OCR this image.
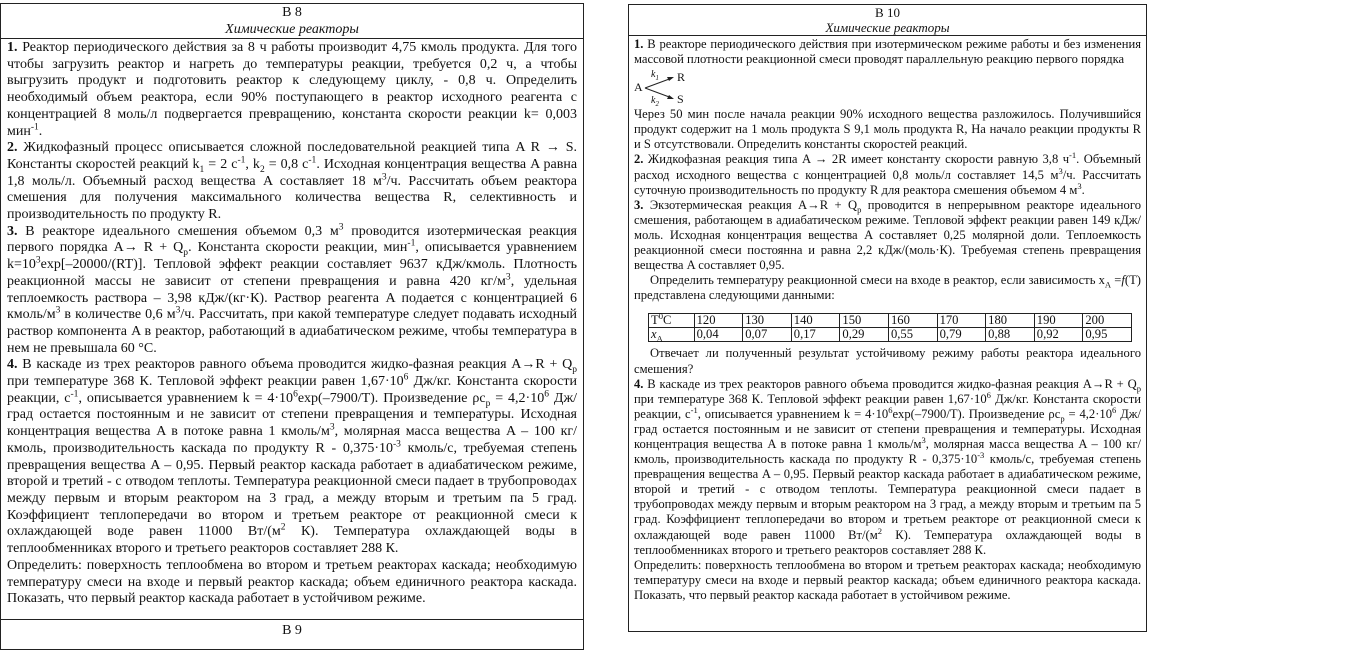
В 8
Химические реакторы

1. Реактор периодического действия за 8 ч работы производит 4,75 кмоль продукта. Для того чтобы загрузить реактор и нагреть до температуры реакции, требуется 0,2 ч, а чтобы выгрузить продукт и подготовить реактор к следующему циклу, - 0,8 ч. Определить необходимый объем реактора, если 90% поступающего в реактор исходного реагента с концентрацией 8 моль/л подвергается превращению, константа скорости реакции k= 0,003 мин$^{-1}$.

2. Жидкофазный процесс описывается сложной последовательной реакцией типа A R → S. Константы скоростей реакций $k_1 = 2$ $с^{-1}$, $k_2 = 0,8$ $с^{-1}$. Исходная концентрация вещества A равна 1,8 моль/л. Объемный расход вещества A составляет 18 $м^3/ч$. Рассчитать объем реактора смешения для получения максимального количества вещества R, селективность и производительность по продукту R.

3. В реакторе идеального смешения объемом 0,3 $м^3$ проводится изотермическая реакция первого порядка $A\to R + Q_p$. Константа скорости реакции, мин$^{-1}$, описывается уравнением $k=10^3\exp[-20000/(RT)]$. Тепловой эффект реакции составляет 9637 кДж/кмоль. Плотность реакционной массы не зависит от степени превращения и равна 420 $кг/м^3$, удельная теплоемкость раствора – 3,98 кДж/(кг·К). Раствор реагента A подается с концентрацией 6 кмоль/$м^3$ в количестве 0,6 $м^3/ч$. Рассчитать, при какой температуре следует подавать исходный раствор компонента A в реактор, работающий в адиабатическом режиме, чтобы температура в нем не превышала 60 °C.

4. В каскаде из трех реакторов равного объема проводится жидко-фазная реакция $A\to R + Q_p$ при температуре 368 К. Тепловой эффект реакции равен $1,67\cdot 10^6$ Дж/кг. Константа скорости реакции, $с^{-1}$, описывается уравнением $k = 4\cdot 10^6\exp(-7900/T)$. Произведение $\rho c_p = 4,2\cdot 10^6$ Дж/град остается постоянным и не зависит от степени превращения и температуры. Исходная концентрация вещества A в потоке равна 1 кмоль/$м^3$, молярная масса вещества A – 100 кг/кмоль, производительность каскада по продукту $R - 0,375\cdot 10^{-3}$ кмоль/с, требуемая степень превращения вещества A – 0,95. Первый реактор каскада работает в адиабатическом режиме, второй и третий - с отводом теплоты. Температура реакционной смеси падает в трубопроводах между первым и вторым реактором на 3 град, а между вторым и третьим па 5 град. Коэффициент теплопередачи во втором и третьем реакторе от реакционной смеси к охлаждающей воде равен 11000 $Вт/(м^2$ К). Температура охлаждающей воды в теплообменниках второго и третьего реакторов составляет 288 К.

Определить: поверхность теплообмена во втором и третьем реакторах каскада; необходимую температуру смеси на входе и первый реактор каскада; объем единичного реактора каскада. Показать, что первый реактор каскада работает в устойчивом режиме.

В 9
В 10
Химические реакторы

1. В реакторе периодического действия при изотермическом режиме работы и без изменения массовой плотности реакционной смеси проводят параллельную реакцию первого порядка

A
$k_1$ R
$k_2$ S

Через 50 мин после начала реакции 90% исходного вещества разложилось. Получившийся продукт содержит на 1 моль продукта S 9,1 моль продукта R, На начало реакции продукты R и S отсутствовали. Определить константы скоростей реакций.

2. Жидкофазная реакция типа A → 2R имеет константу скорости равную 3,8 $ч^{-1}$. Объемный расход исходного вещества с концентрацией 0,8 моль/л составляет 14,5 $м^3/ч$. Рассчитать суточную производительность по продукту R для реактора смешения объемом 4 $м^3$.

3. Экзотермическая реакция $A\to R + Q_p$ проводится в непрерывном реакторе идеального смешения, работающем в адиабатическом режиме. Тепловой эффект реакции равен 149 кДж/моль. Исходная концентрация вещества A составляет 0,25 молярной доли. Теплоемкость реакционной смеси постоянна и равна 2,2 кДж/(моль·К). Требуемая степень превращения вещества A составляет 0,95.

Определить температуру реакционной смеси на входе в реактор, если зависимость $x_A =f(T)$ представлена следующими данными:

$T^0C$	120	130	140	150	160	170	180	190	200
$x_A$	0,04	0,07	0,17	0,29	0,55	0,79	0,88	0,92	0,95

Отвечает ли полученный результат устойчивому режиму работы реактора идеального смешения?

4. В каскаде из трех реакторов равного объема проводится жидко-фазная реакция $A\to R + Q_p$ при температуре 368 К. Тепловой эффект реакции равен $1,67\cdot 10^6$ Дж/кг. Константа скорости реакции, $с^{-1}$, описывается уравнением $k = 4\cdot 10^6\exp(-7900/T)$. Произведение $\rho c_p = 4,2\cdot 10^6$ Дж/град остается постоянным и не зависит от степени превращения и температуры. Исходная концентрация вещества A в потоке равна 1 кмоль/$м^3$, молярная масса вещества A – 100 кг/кмоль, производительность каскада по продукту $R - 0,375\cdot 10^{-3}$ кмоль/с, требуемая степень превращения вещества A – 0,95. Первый реактор каскада работает в адиабатическом режиме, второй и третий - с отводом теплоты. Температура реакционной смеси падает в трубопроводах между первым и вторым реактором на 3 град, а между вторым и третьим па 5 град. Коэффициент теплопередачи во втором и третьем реакторе от реакционной смеси к охлаждающей воде равен 11000 $Вт/(м^2$ К). Температура охлаждающей воды в теплообменниках второго и третьего реакторов составляет 288 К.

Определить: поверхность теплообмена во втором и третьем реакторах каскада; необходимую температуру смеси на входе и первый реактор каскада; объем единичного реактора каскада. Показать, что первый реактор каскада работает в устойчивом режиме.
